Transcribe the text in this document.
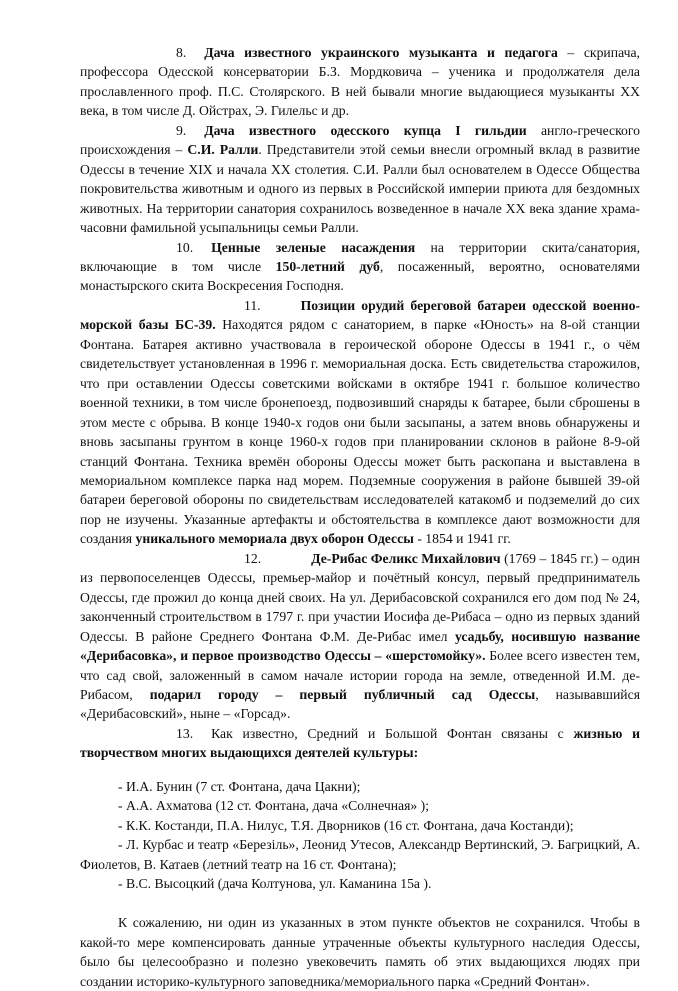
8. Дача известного украинского музыканта и педагога – скрипача, профессора Одесской консерватории Б.З. Мордковича – ученика и продолжателя дела прославленного проф. П.С. Столярского. В ней бывали многие выдающиеся музыканты ХХ века, в том числе Д. Ойстрах, Э. Гилельс и др.

9. Дача известного одесского купца I гильдии англо-греческого происхождения – С.И. Ралли. Представители этой семьи внесли огромный вклад в развитие Одессы в течение XIX и начала ХХ столетия. С.И. Ралли был основателем в Одессе Общества покровительства животным и одного из первых в Российской империи приюта для бездомных животных. На территории санатория сохранилось возведенное в начале ХХ века здание храма-часовни фамильной усыпальницы семьи Ралли.

10. Ценные зеленые насаждения на территории скита/санатория, включающие в том числе 150-летний дуб, посаженный, вероятно, основателями монастырского скита Воскресения Господня.

11.	Позиции орудий береговой батареи одесской военно-морской базы БС-39. Находятся рядом с санаторием, в парке «Юность» на 8-ой станции Фонтана. Батарея активно участвовала в героической обороне Одессы в 1941 г., о чём свидетельствует установленная в 1996 г. мемориальная доска. Есть свидетельства старожилов, что при оставлении Одессы советскими войсками в октябре 1941 г. большое количество военной техники, в том числе бронепоезд, подвозивший снаряды к батарее, были сброшены в этом месте с обрыва. В конце 1940-х годов они были засыпаны, а затем вновь обнаружены и вновь засыпаны грунтом в конце 1960-х годов при планировании склонов в районе 8-9-ой станций Фонтана. Техника времён обороны Одессы может быть раскопана и выставлена в мемориальном комплексе парка над морем. Подземные сооружения в районе бывшей 39-ой батареи береговой обороны по свидетельствам исследователей катакомб и подземелий до сих пор не изучены. Указанные артефакты и обстоятельства в комплексе дают возможности для создания уникального мемориала двух оборон Одессы - 1854 и 1941 гг.

12.	Де-Рибас Феликс Михайлович (1769 – 1845 гг.) – один из первопоселенцев Одессы, премьер-майор и почётный консул, первый предприниматель Одессы, где прожил до конца дней своих. На ул. Дерибасовской сохранился его дом под № 24, законченный строительством в 1797 г. при участии Иосифа де-Рибаса – одно из первых зданий Одессы. В районе Среднего Фонтана Ф.М. Де-Рибас имел усадьбу, носившую название «Дерибасовка», и первое производство Одессы – «шерстомойку». Более всего известен тем, что сад свой, заложенный в самом начале истории города на земле, отведенной И.М. де-Рибасом, подарил городу – первый публичный сад Одессы, называвшийся «Дерибасовский», ныне – «Горсад».

13. Как известно, Средний и Большой Фонтан связаны с жизнью и творчеством многих выдающихся деятелей культуры:

- И.А. Бунин (7 ст. Фонтана, дача Цакни);
- А.А. Ахматова (12 ст. Фонтана, дача «Солнечная» );
- К.К. Костанди, П.А. Нилус, Т.Я. Дворников (16 ст. Фонтана, дача Костанди);
- Л. Курбас и театр «Березiль», Леонид Утесов, Александр Вертинский, Э. Багрицкий, А. Фиолетов, В. Катаев (летний театр на 16 ст. Фонтана);
- В.С. Высоцкий (дача Колтунова, ул. Каманина 15а ).

К сожалению, ни один из указанных в этом пункте объектов не сохранился. Чтобы в какой-то мере компенсировать данные утраченные объекты культурного наследия Одессы, было бы целесообразно и полезно увековечить память об этих выдающихся людях при создании историко-культурного заповедника/мемориального парка «Средний Фонтан».
